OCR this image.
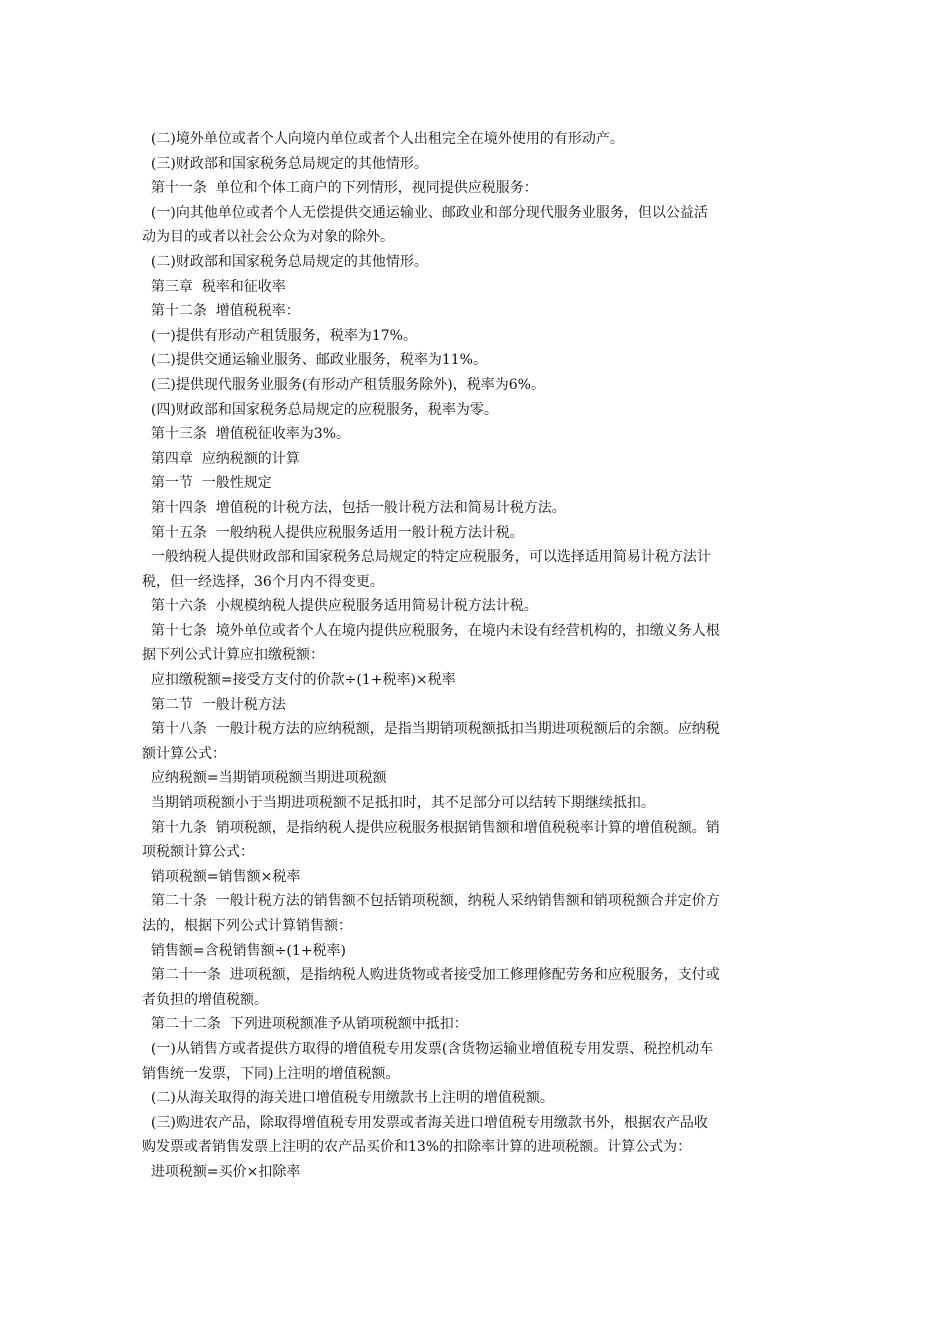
(二)境外单位或者个人向境内单位或者个人出租完全在境外使用的有形动产。
(三)财政部和国家税务总局规定的其他情形。
第十一条  单位和个体工商户的下列情形，视同提供应税服务：
(一)向其他单位或者个人无偿提供交通运输业、邮政业和部分现代服务业服务，但以公益活
动为目的或者以社会公众为对象的除外。
(二)财政部和国家税务总局规定的其他情形。
第三章  税率和征收率
第十二条  增值税税率：
(一)提供有形动产租赁服务，税率为17%。
(二)提供交通运输业服务、邮政业服务，税率为11%。
(三)提供现代服务业服务(有形动产租赁服务除外)，税率为6%。
(四)财政部和国家税务总局规定的应税服务，税率为零。
第十三条  增值税征收率为3%。
第四章  应纳税额的计算
第一节  一般性规定
第十四条  增值税的计税方法，包括一般计税方法和简易计税方法。
第十五条  一般纳税人提供应税服务适用一般计税方法计税。
一般纳税人提供财政部和国家税务总局规定的特定应税服务，可以选择适用简易计税方法计
税，但一经选择，36个月内不得变更。
第十六条  小规模纳税人提供应税服务适用简易计税方法计税。
第十七条  境外单位或者个人在境内提供应税服务，在境内未设有经营机构的，扣缴义务人根
据下列公式计算应扣缴税额：
应扣缴税额=接受方支付的价款÷(1+税率)×税率
第二节  一般计税方法
第十八条  一般计税方法的应纳税额，是指当期销项税额抵扣当期进项税额后的余额。应纳税
额计算公式：
应纳税额=当期销项税额当期进项税额
当期销项税额小于当期进项税额不足抵扣时，其不足部分可以结转下期继续抵扣。
第十九条  销项税额，是指纳税人提供应税服务根据销售额和增值税税率计算的增值税额。销
项税额计算公式：
销项税额=销售额×税率
第二十条  一般计税方法的销售额不包括销项税额，纳税人采纳销售额和销项税额合并定价方
法的，根据下列公式计算销售额：
销售额=含税销售额÷(1+税率)
第二十一条  进项税额，是指纳税人购进货物或者接受加工修理修配劳务和应税服务，支付或
者负担的增值税额。
第二十二条  下列进项税额准予从销项税额中抵扣：
(一)从销售方或者提供方取得的增值税专用发票(含货物运输业增值税专用发票、税控机动车
销售统一发票，下同)上注明的增值税额。
(二)从海关取得的海关进口增值税专用缴款书上注明的增值税额。
(三)购进农产品，除取得增值税专用发票或者海关进口增值税专用缴款书外，根据农产品收
购发票或者销售发票上注明的农产品买价和13%的扣除率计算的进项税额。计算公式为：
进项税额=买价×扣除率
